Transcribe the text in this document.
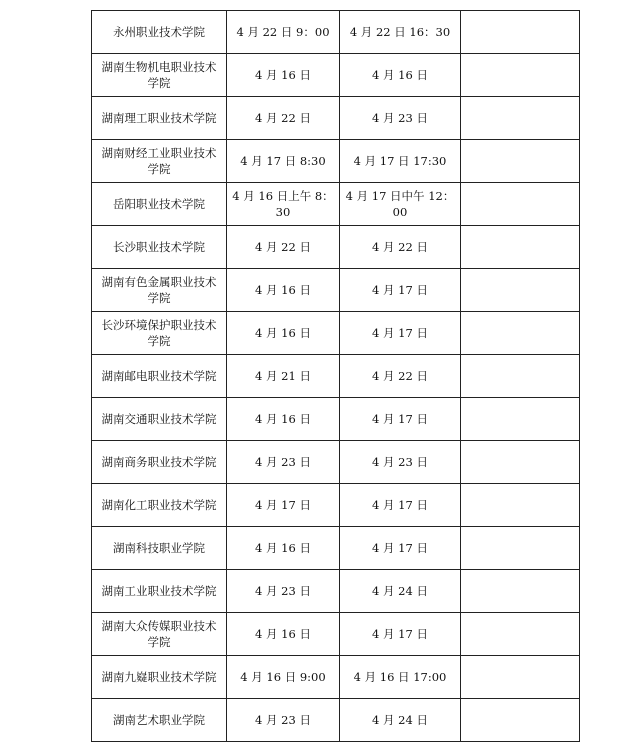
永州职业技术学院	4 月 22 日 9：00	4 月 22 日 16：30	
湖南生物机电职业技术学院	4 月 16 日	4 月 16 日	
湖南理工职业技术学院	4 月 22 日	4 月 23 日	
湖南财经工业职业技术学院	4 月 17 日 8:30	4 月 17 日 17:30	
岳阳职业技术学院	4 月 16 日上午 8：30	4 月 17 日中午 12：00	
长沙职业技术学院	4 月 22 日	4 月 22 日	
湖南有色金属职业技术学院	4 月 16 日	4 月 17 日	
长沙环境保护职业技术学院	4 月 16 日	4 月 17 日	
湖南邮电职业技术学院	4 月 21 日	4 月 22 日	
湖南交通职业技术学院	4 月 16 日	4 月 17 日	
湖南商务职业技术学院	4 月 23 日	4 月 23 日	
湖南化工职业技术学院	4 月 17 日	4 月 17 日	
湖南科技职业学院	4 月 16 日	4 月 17 日	
湖南工业职业技术学院	4 月 23 日	4 月 24 日	
湖南大众传媒职业技术学院	4 月 16 日	4 月 17 日	
湖南九嶷职业技术学院	4 月 16 日 9:00	4 月 16 日 17:00	
湖南艺术职业学院	4 月 23 日	4 月 24 日	
